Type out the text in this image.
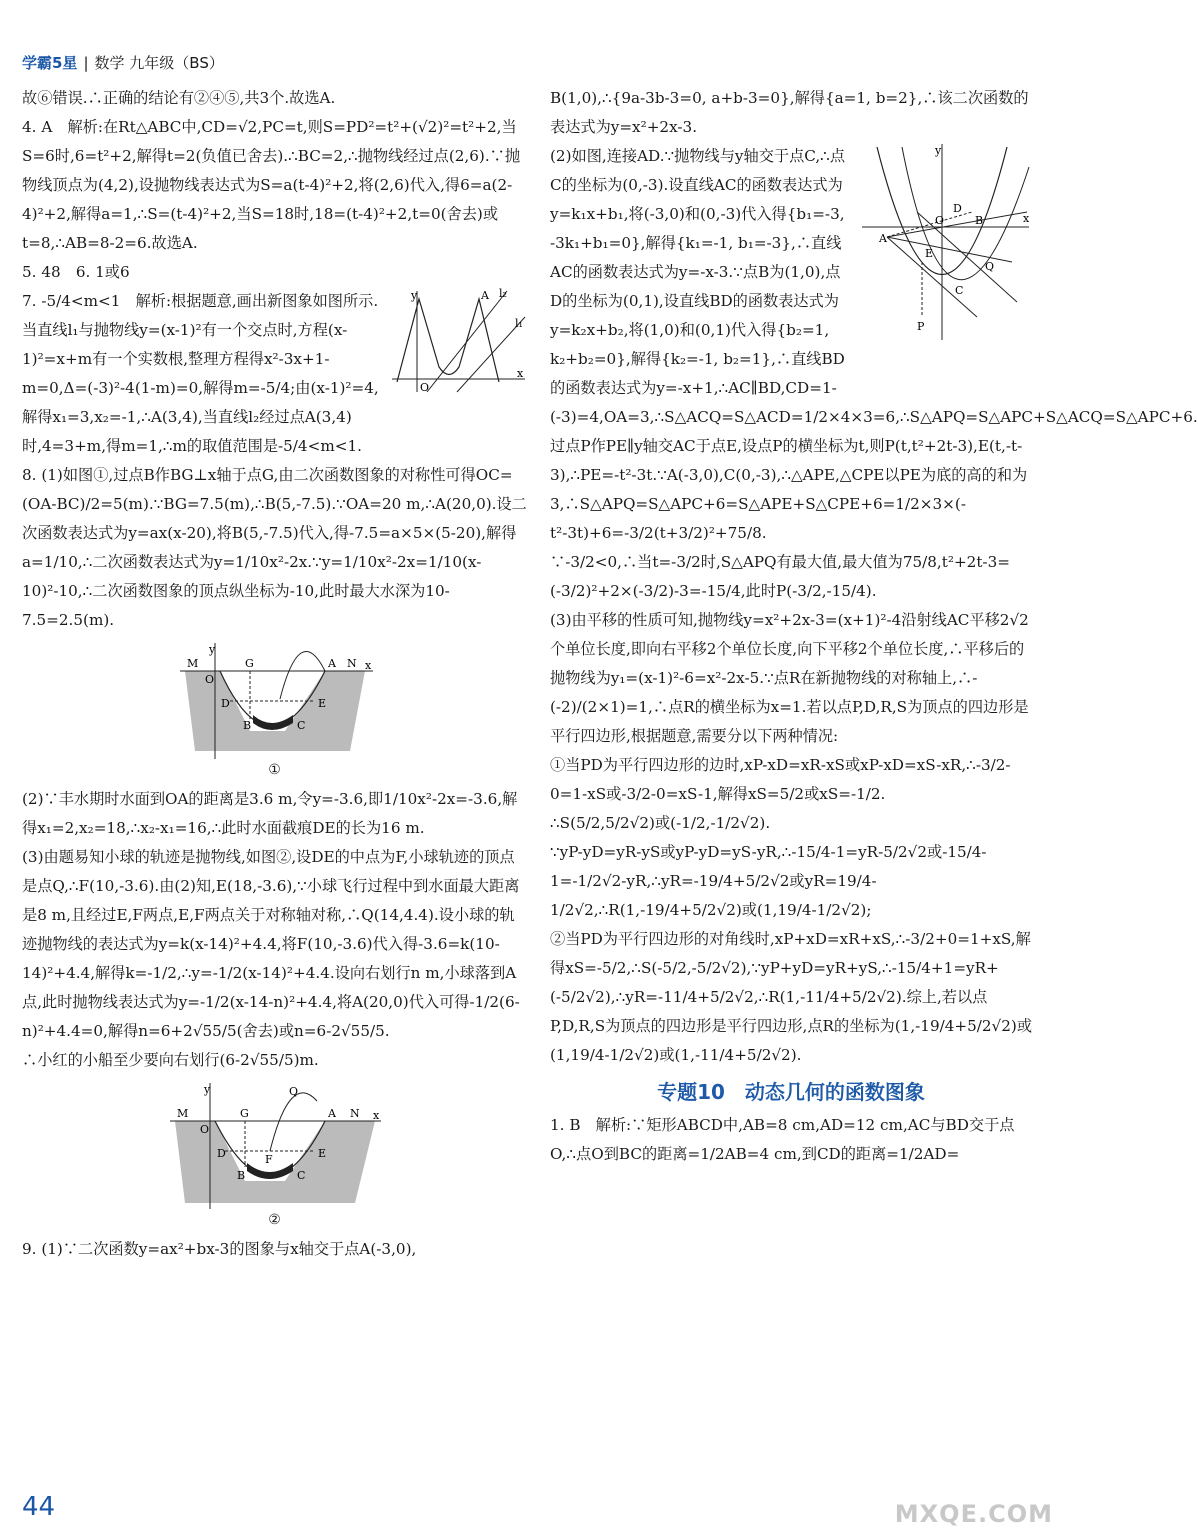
学霸5星 | 数学 九年级（BS）

故⑥错误.∴正确的结论有②④⑤,共3个.故选A.

4. A　解析:在Rt△ABC中,CD=√2,PC=t,则S=PD²=t²+(√2)²=t²+2,当S=6时,6=t²+2,解得t=2(负值已舍去).∴BC=2,∴抛物线经过点(2,6).∵抛物线顶点为(4,2),设抛物线表达式为S=a(t-4)²+2,将(2,6)代入,得6=a(2-4)²+2,解得a=1,∴S=(t-4)²+2,当S=18时,18=(t-4)²+2,t=0(舍去)或t=8,∴AB=8-2=6.故选A.

5. 48　6. 1或6

y	A l₂
l₁
O
x

7. -5/4<m<1　解析:根据题意,画出新图象如图所示.当直线l₁与抛物线y=(x-1)²有一个交点时,方程(x-1)²=x+m有一个实数根,整理方程得x²-3x+1-m=0,Δ=(-3)²-4(1-m)=0,解得m=-5/4;由(x-1)²=4,解得x₁=3,x₂=-1,∴A(3,4),当直线l₂经过点A(3,4)时,4=3+m,得m=1,∴m的取值范围是-5/4<m<1.

8. (1)如图①,过点B作BG⊥x轴于点G,由二次函数图象的对称性可得OC=(OA-BC)/2=5(m).∵BG=7.5(m),∴B(5,-7.5).∵OA=20 m,∴A(20,0).设二次函数表达式为y=ax(x-20),将B(5,-7.5)代入,得-7.5=a×5×(5-20),解得a=1/10,∴二次函数表达式为y=1/10x²-2x.∵y=1/10x²-2x=1/10(x-10)²-10,∴二次函数图象的顶点纵坐标为-10,此时最大水深为10-7.5=2.5(m).

M	G	A N
O
x
y
D	E
B	C
①

(2)∵丰水期时水面到OA的距离是3.6 m,令y=-3.6,即1/10x²-2x=-3.6,解得x₁=2,x₂=18,∴x₂-x₁=16,∴此时水面截痕DE的长为16 m.

(3)由题易知小球的轨迹是抛物线,如图②,设DE的中点为F,小球轨迹的顶点是点Q,∴F(10,-3.6).由(2)知,E(18,-3.6),∵小球飞行过程中到水面最大距离是8 m,且经过E,F两点,E,F两点关于对称轴对称,∴Q(14,4.4).设小球的轨迹抛物线的表达式为y=k(x-14)²+4.4,将F(10,-3.6)代入得-3.6=k(10-14)²+4.4,解得k=-1/2,∴y=-1/2(x-14)²+4.4.设向右划行n m,小球落到A点,此时抛物线表达式为y=-1/2(x-14-n)²+4.4,将A(20,0)代入可得-1/2(6-n)²+4.4=0,解得n=6+2√55/5(舍去)或n=6-2√55/5.

∴小红的小船至少要向右划行(6-2√55/5)m.

Q
M	G	A N
O
x
y
D	E
F
B	C
②

9. (1)∵二次函数y=ax²+bx-3的图象与x轴交于点A(-3,0),

B(1,0),∴{9a-3b-3=0, a+b-3=0},解得{a=1, b=2},∴该二次函数的表达式为y=x²+2x-3.

y
D
O	B	x
A
E
Q
C
P

(2)如图,连接AD.∵抛物线与y轴交于点C,∴点C的坐标为(0,-3).设直线AC的函数表达式为y=k₁x+b₁,将(-3,0)和(0,-3)代入得{b₁=-3, -3k₁+b₁=0},解得{k₁=-1, b₁=-3},∴直线AC的函数表达式为y=-x-3.∵点B为(1,0),点D的坐标为(0,1),设直线BD的函数表达式为y=k₂x+b₂,将(1,0)和(0,1)代入得{b₂=1, k₂+b₂=0},解得{k₂=-1, b₂=1},∴直线BD的函数表达式为y=-x+1,∴AC∥BD,CD=1-(-3)=4,OA=3,∴S△ACQ=S△ACD=1/2×4×3=6,∴S△APQ=S△APC+S△ACQ=S△APC+6.

过点P作PE∥y轴交AC于点E,设点P的横坐标为t,则P(t,t²+2t-3),E(t,-t-3),∴PE=-t²-3t.∵A(-3,0),C(0,-3),∴△APE,△CPE以PE为底的高的和为3,∴S△APQ=S△APC+6=S△APE+S△CPE+6=1/2×3×(-t²-3t)+6=-3/2(t+3/2)²+75/8.

∵-3/2<0,∴当t=-3/2时,S△APQ有最大值,最大值为75/8,t²+2t-3=(-3/2)²+2×(-3/2)-3=-15/4,此时P(-3/2,-15/4).

(3)由平移的性质可知,抛物线y=x²+2x-3=(x+1)²-4沿射线AC平移2√2个单位长度,即向右平移2个单位长度,向下平移2个单位长度,∴平移后的抛物线为y₁=(x-1)²-6=x²-2x-5.∵点R在新抛物线的对称轴上,∴-(-2)/(2×1)=1,∴点R的横坐标为x=1.若以点P,D,R,S为顶点的四边形是平行四边形,根据题意,需要分以下两种情况:

①当PD为平行四边形的边时,xP-xD=xR-xS或xP-xD=xS-xR,∴-3/2-0=1-xS或-3/2-0=xS-1,解得xS=5/2或xS=-1/2.

∴S(5/2,5/2√2)或(-1/2,-1/2√2).

∵yP-yD=yR-yS或yP-yD=yS-yR,∴-15/4-1=yR-5/2√2或-15/4-1=-1/2√2-yR,∴yR=-19/4+5/2√2或yR=19/4-1/2√2,∴R(1,-19/4+5/2√2)或(1,19/4-1/2√2);

②当PD为平行四边形的对角线时,xP+xD=xR+xS,∴-3/2+0=1+xS,解得xS=-5/2,∴S(-5/2,-5/2√2),∵yP+yD=yR+yS,∴-15/4+1=yR+(-5/2√2),∴yR=-11/4+5/2√2,∴R(1,-11/4+5/2√2).综上,若以点P,D,R,S为顶点的四边形是平行四边形,点R的坐标为(1,-19/4+5/2√2)或(1,19/4-1/2√2)或(1,-11/4+5/2√2).

专题10　动态几何的函数图象

1. B　解析:∵矩形ABCD中,AB=8 cm,AD=12 cm,AC与BD交于点O,∴点O到BC的距离=1/2AB=4 cm,到CD的距离=1/2AD=

44	MXQE.COM
